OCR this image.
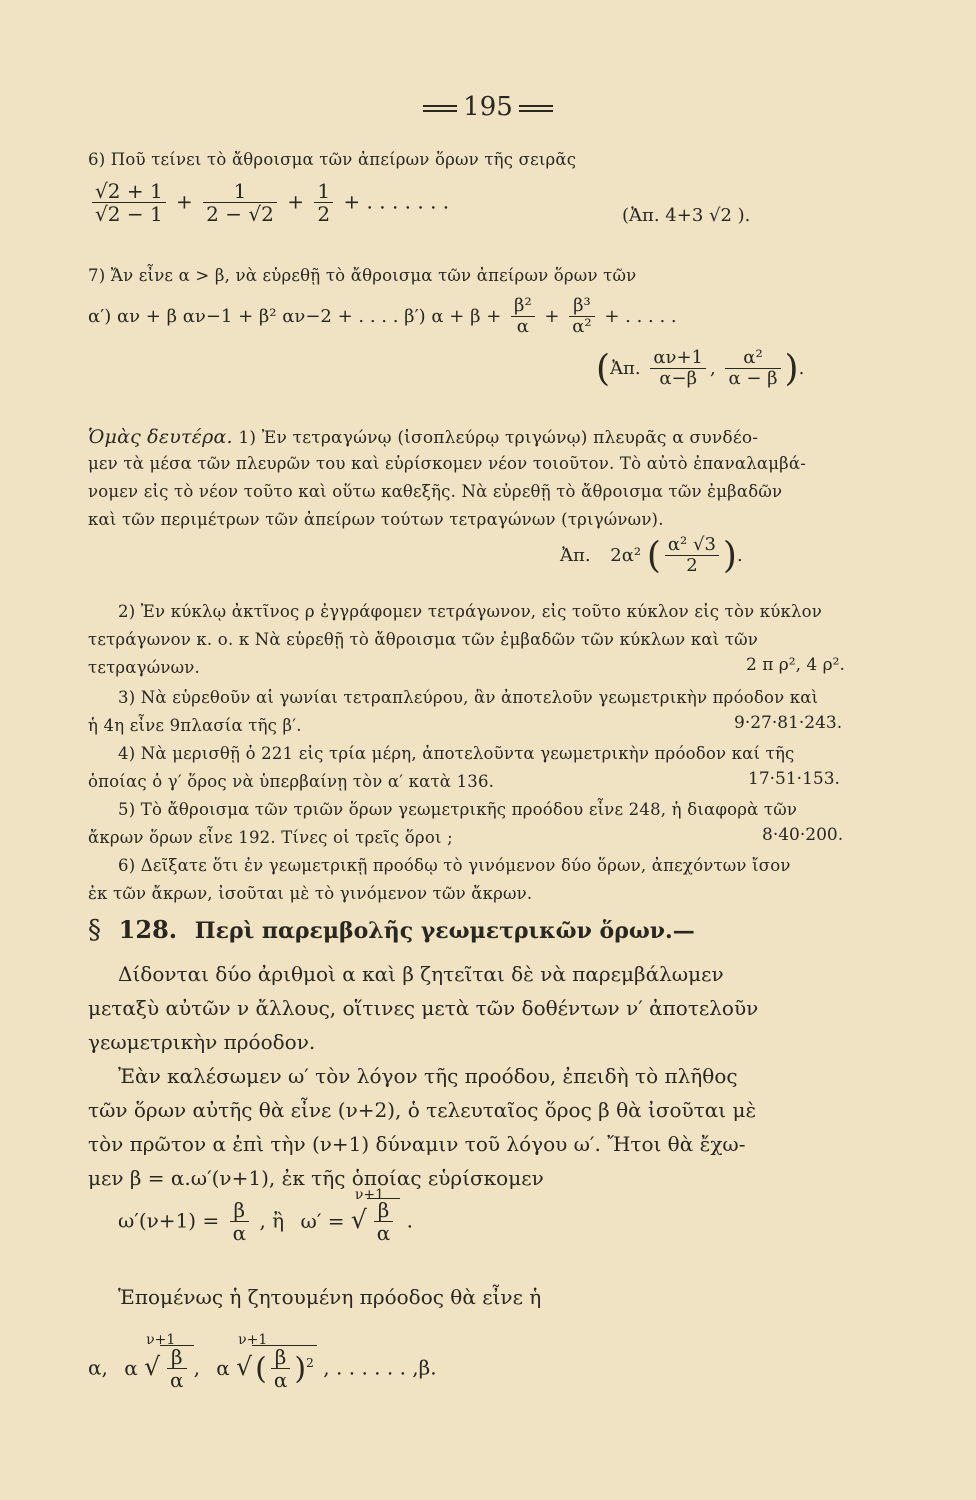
195
6) Ποῦ τείνει τὸ ἄθροισμα τῶν ἀπείρων ὅρων τῆς σειρᾶς
$\frac{√2 + 1}{√2 - 1} + \frac{1}{2 - √2} + \frac{1}{2}$ + . . . . . . .
(Ἀπ. 4+3 √2 ).
7) Ἄν εἶνε α > β, νὰ εὑρεθῇ τὸ ἄθροισμα τῶν ἀπείρων ὅρων τῶν
α′) αν + β αν−1 + β² αν−2 + . . . . β′) $\alpha + \beta + \frac{\text{β²}}{\alpha} + \frac{\text{β³}}{\text{α²}}$ + . . . . .
(Ἀπ. $\frac{\alpha\nu+1}{\alpha-\beta}$ , $\frac{\text{α²}}{\alpha - \beta}$ ).
Ὁμὰς δευτέρα. 1) Ἐν τετραγώνῳ (ἰσοπλεύρῳ τριγώνῳ) πλευρᾶς α συνδέο-
μεν τὰ μέσα τῶν πλευρῶν του καὶ εὑρίσκομεν νέον τοιοῦτον. Τὸ αὐτὸ ἐπαναλαμβά-
νομεν εἰς τὸ νέον τοῦτο καὶ οὕτω καθεξῆς. Νὰ εὑρεθῇ τὸ ἄθροισμα τῶν ἐμβαδῶν
καὶ τῶν περιμέτρων τῶν ἀπείρων τούτων τετραγώνων (τριγώνων).
Ἀπ. 2α² ( $\frac{\text{α² √3}}{2}$ ).
2) Ἐν κύκλῳ ἀκτῖνος ρ ἐγγράφομεν τετράγωνον, εἰς τοῦτο κύκλον εἰς τὸν κύκλον
τετράγωνον κ. ο. κ Νὰ εὑρεθῇ τὸ ἄθροισμα τῶν ἐμβαδῶν τῶν κύκλων καὶ τῶν
τετραγώνων.	2 π ρ², 4 ρ².
3) Νὰ εὑρεθοῦν αἱ γωνίαι τετραπλεύρου, ἂν ἀποτελοῦν γεωμετρικὴν πρόοδον καὶ
ἡ 4η εἶνε 9πλασία τῆς β′.	9·27·81·243.
4) Νὰ μερισθῇ ὁ 221 εἰς τρία μέρη, ἀποτελοῦντα γεωμετρικὴν πρόοδον καί τῆς
ὁποίας ὁ γ′ ὅρος νὰ ὑπερβαίνῃ τὸν α′ κατὰ 136.	17·51·153.
5) Τὸ ἄθροισμα τῶν τριῶν ὅρων γεωμετρικῆς προόδου εἶνε 248, ἡ διαφορὰ τῶν
ἄκρων ὅρων εἶνε 192. Τίνες οἱ τρεῖς ὅροι ;	8·40·200.
6) Δεῖξατε ὅτι ἐν γεωμετρικῇ προόδῳ τὸ γινόμενον δύο ὅρων, ἀπεχόντων ἴσον
ἐκ τῶν ἄκρων, ἰσοῦται μὲ τὸ γινόμενον τῶν ἄκρων.
§ 128. Περὶ παρεμβολῆς γεωμετρικῶν ὅρων.—
Δίδονται δύο ἀριθμοὶ α καὶ β ζητεῖται δὲ νὰ παρεμβάλωμεν
μεταξὺ αὐτῶν ν ἄλλους, οἵτινες μετὰ τῶν δοθέντων ν′ ἀποτελοῦν
γεωμετρικὴν πρόοδον.
Ἐὰν καλέσωμεν ω′ τὸν λόγον τῆς προόδου, ἐπειδὴ τὸ πλῆθος
τῶν ὅρων αὐτῆς θὰ εἶνε (ν+2), ὁ τελευταῖος ὅρος β θὰ ἰσοῦται μὲ
τὸν πρῶτον α ἐπὶ τὴν (ν+1) δύναμιν τοῦ λόγου ω′. Ἤτοι θὰ ἔχω-
μεν β = α.ω′(ν+1), ἐκ τῆς ὁποίας εὑρίσκομεν
$\omega'(\nu+1) = \frac{\beta}{\alpha}$ , ἢ ω′ =
ν+1
√ $\frac{\beta}{\alpha}$ .
Ἑπομένως ἡ ζητουμένη πρόοδος θὰ εἶνε ἡ
α, α
ν+1
√ $\frac{\beta}{\alpha}$ , α
ν+1
√ ( $\frac{\beta}{\alpha} )^2$ , . . . . . . ,β.
